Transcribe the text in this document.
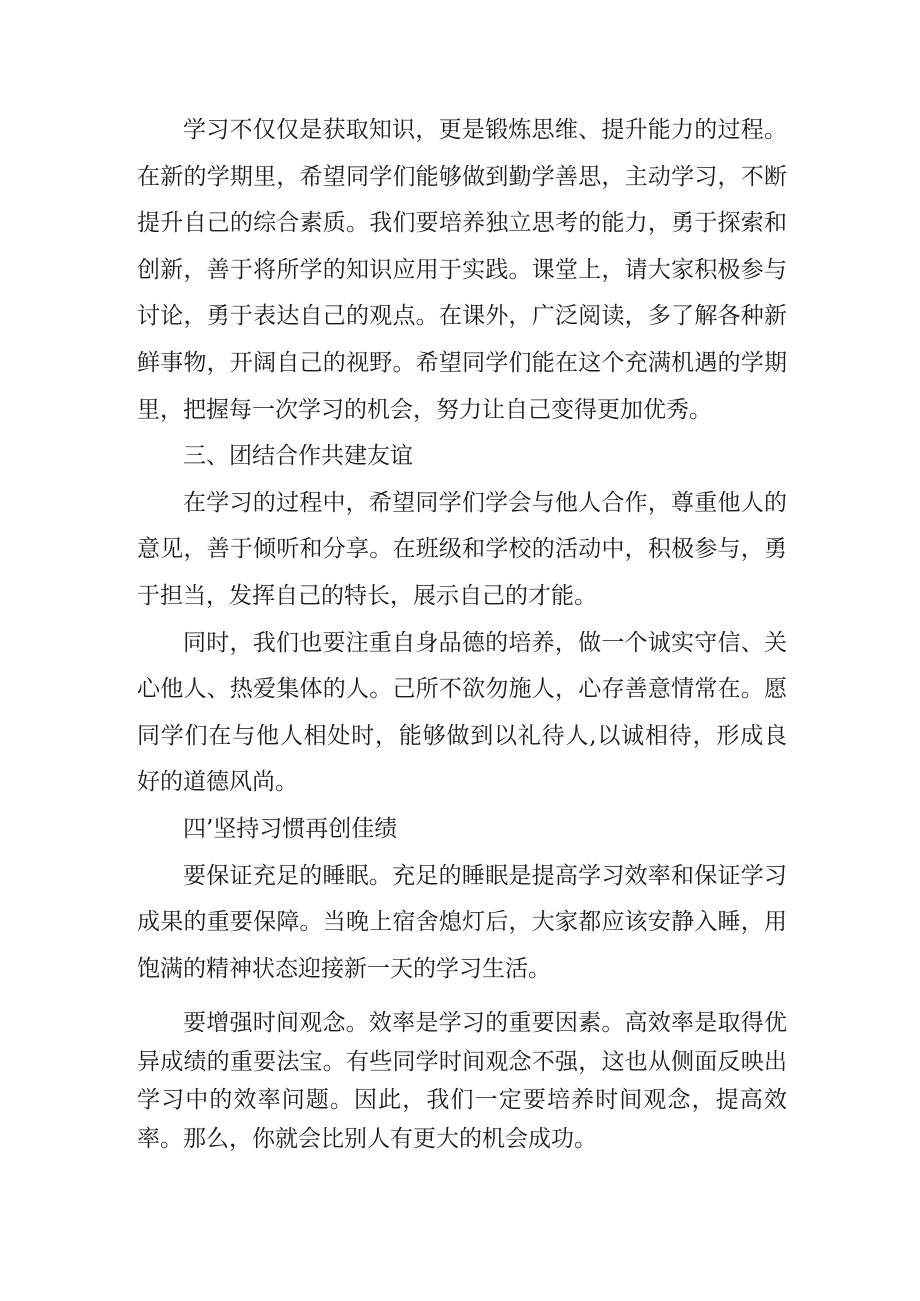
学习不仅仅是获取知识，更是锻炼思维、提升能力的过程。在新的学期里，希望同学们能够做到勤学善思，主动学习，不断提升自己的综合素质。我们要培养独立思考的能力，勇于探索和创新，善于将所学的知识应用于实践。课堂上，请大家积极参与讨论，勇于表达自己的观点。在课外，广泛阅读，多了解各种新鲜事物，开阔自己的视野。希望同学们能在这个充满机遇的学期里，把握每一次学习的机会，努力让自己变得更加优秀。

三、团结合作共建友谊

在学习的过程中，希望同学们学会与他人合作，尊重他人的意见，善于倾听和分享。在班级和学校的活动中，积极参与，勇于担当，发挥自己的特长，展示自己的才能。

同时，我们也要注重自身品德的培养，做一个诚实守信、关心他人、热爱集体的人。己所不欲勿施人，心存善意情常在。愿同学们在与他人相处时，能够做到以礼待人,以诚相待，形成良好的道德风尚。

四’坚持习惯再创佳绩

要保证充足的睡眠。充足的睡眠是提高学习效率和保证学习成果的重要保障。当晚上宿舍熄灯后，大家都应该安静入睡，用饱满的精神状态迎接新一天的学习生活。

要增强时间观念。效率是学习的重要因素。高效率是取得优异成绩的重要法宝。有些同学时间观念不强，这也从侧面反映出学习中的效率问题。因此，我们一定要培养时间观念，提高效率。那么，你就会比别人有更大的机会成功。
